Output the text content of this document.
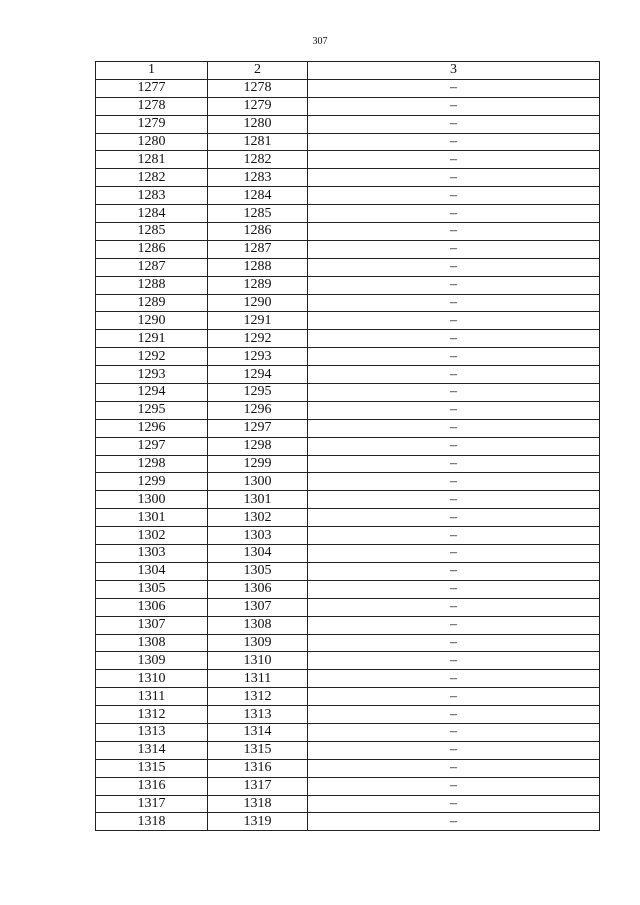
307
1	2	3
1277	1278	–
1278	1279	–
1279	1280	–
1280	1281	–
1281	1282	–
1282	1283	–
1283	1284	–
1284	1285	–
1285	1286	–
1286	1287	–
1287	1288	–
1288	1289	–
1289	1290	–
1290	1291	–
1291	1292	–
1292	1293	–
1293	1294	–
1294	1295	–
1295	1296	–
1296	1297	–
1297	1298	–
1298	1299	–
1299	1300	–
1300	1301	–
1301	1302	–
1302	1303	–
1303	1304	–
1304	1305	–
1305	1306	–
1306	1307	–
1307	1308	–
1308	1309	–
1309	1310	–
1310	1311	–
1311	1312	–
1312	1313	–
1313	1314	–
1314	1315	–
1315	1316	–
1316	1317	–
1317	1318	–
1318	1319	–
